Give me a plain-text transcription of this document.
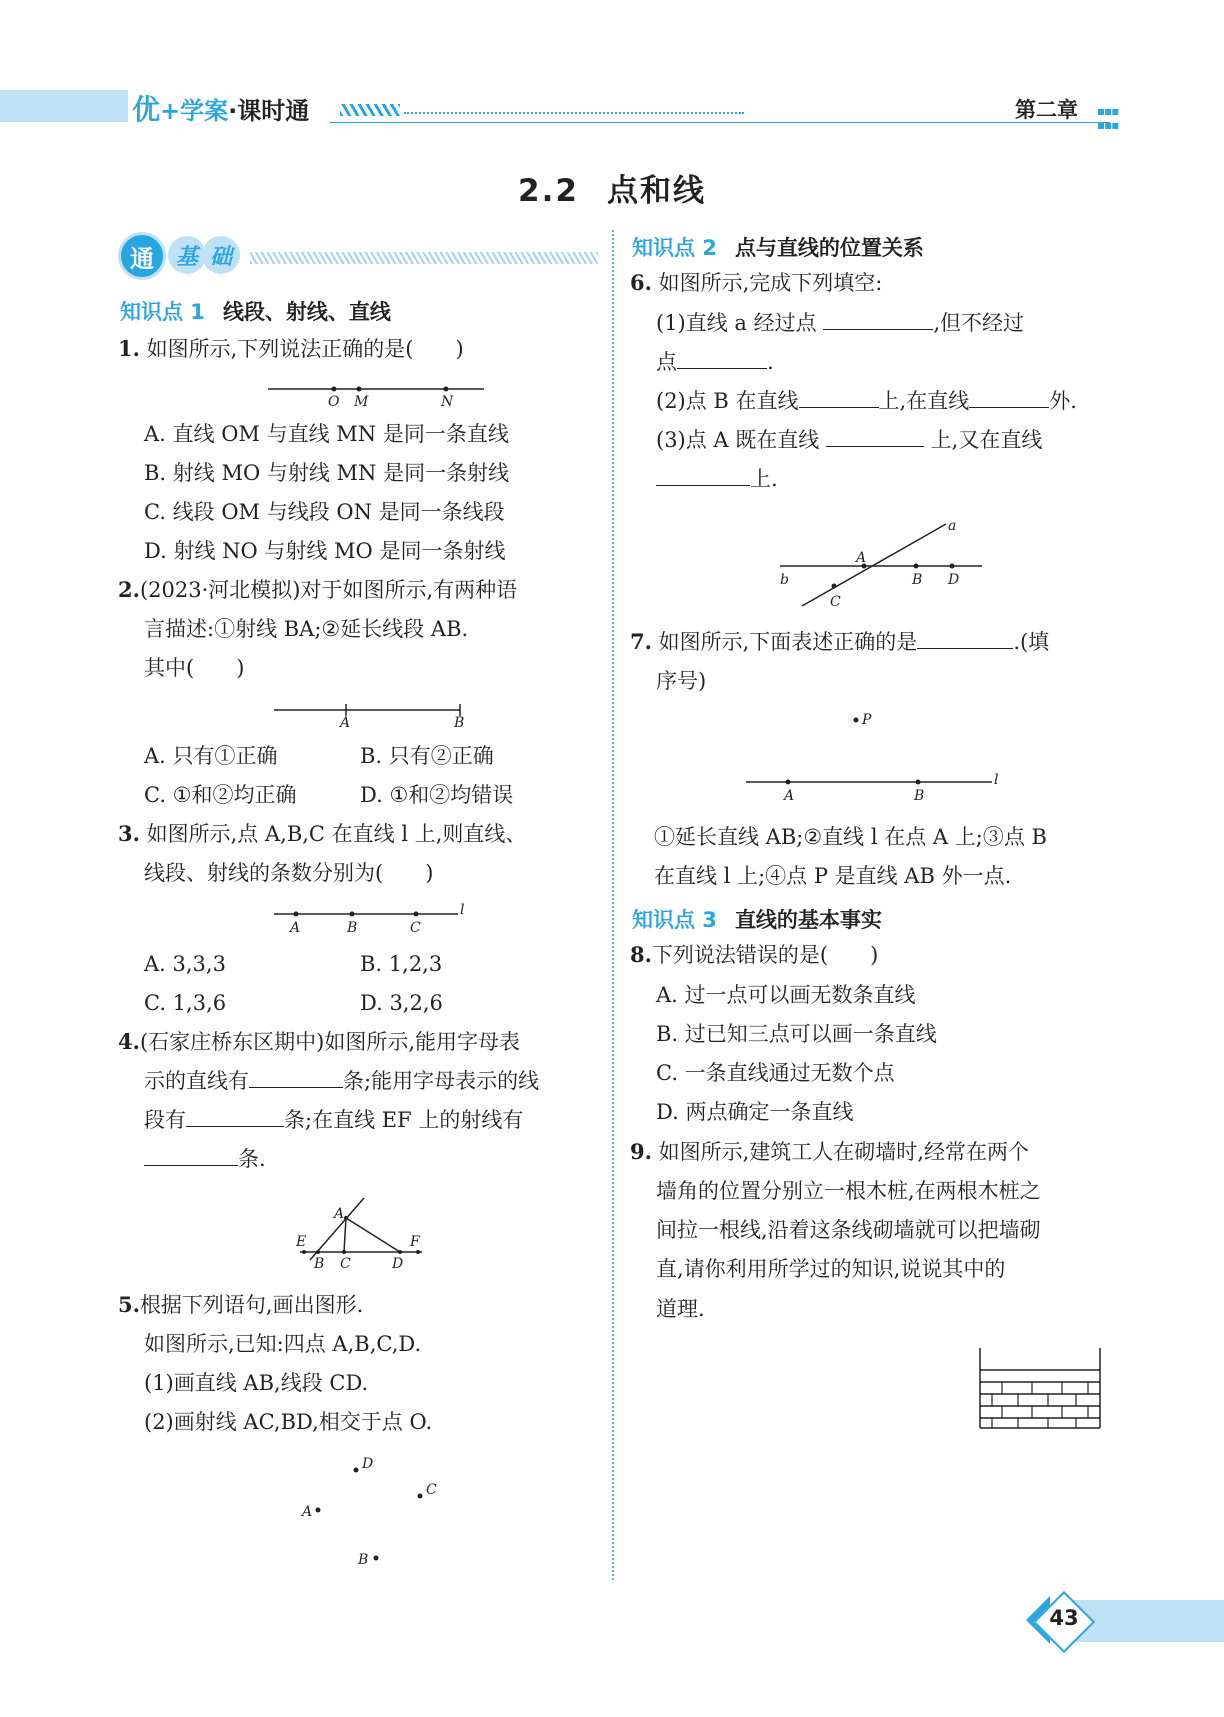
优+学案·课时通	第二章 ▪▪▪
▪▪▪
2.2 点和线
通 基 础
知识点 1 线段、射线、直线
1. 如图所示,下列说法正确的是(　　)
O M	N
A. 直线 OM 与直线 MN 是同一条直线
B. 射线 MO 与射线 MN 是同一条射线
C. 线段 OM 与线段 ON 是同一条线段
D. 射线 NO 与射线 MO 是同一条射线
2.(2023·河北模拟)对于如图所示,有两种语
言描述:①射线 BA;②延长线段 AB.
其中(　　)
A	B
A. 只有①正确	B. 只有②正确
C. ①和②均正确	D. ①和②均错误
3. 如图所示,点 A,B,C 在直线 l 上,则直线、
线段、射线的条数分别为(　　)
A	B	C
l
A. 3,3,3	B. 1,2,3
C. 1,3,6	D. 3,2,6
4.(石家庄桥东区期中)如图所示,能用字母表
示的直线有	条;能用字母表示的线
段有	条;在直线 EF 上的射线有
条.
A
E
B C	D
F
5.根据下列语句,画出图形.
如图所示,已知:四点 A,B,C,D.
(1)画直线 AB,线段 CD.
(2)画射线 AC,BD,相交于点 O.
D
C
A
B
知识点 2 点与直线的位置关系
6. 如图所示,完成下列填空:
(1)直线 a 经过点	,但不经过
点	.
(2)点 B 在直线	上,在直线	外.
(3)点 A 既在直线	上,又在直线
上.
a
b
A
B
C
D
7. 如图所示,下面表述正确的是	.(填
序号)
P
A	B
l
①延长直线 AB;②直线 l 在点 A 上;③点 B
在直线 l 上;④点 P 是直线 AB 外一点.
知识点 3 直线的基本事实
8.下列说法错误的是(　　)
A. 过一点可以画无数条直线
B. 过已知三点可以画一条直线
C. 一条直线通过无数个点
D. 两点确定一条直线
9. 如图所示,建筑工人在砌墙时,经常在两个
墙角的位置分别立一根木桩,在两根木桩之
间拉一根线,沿着这条线砌墙就可以把墙砌
直,请你利用所学过的知识,说说其中的
道理.
43
